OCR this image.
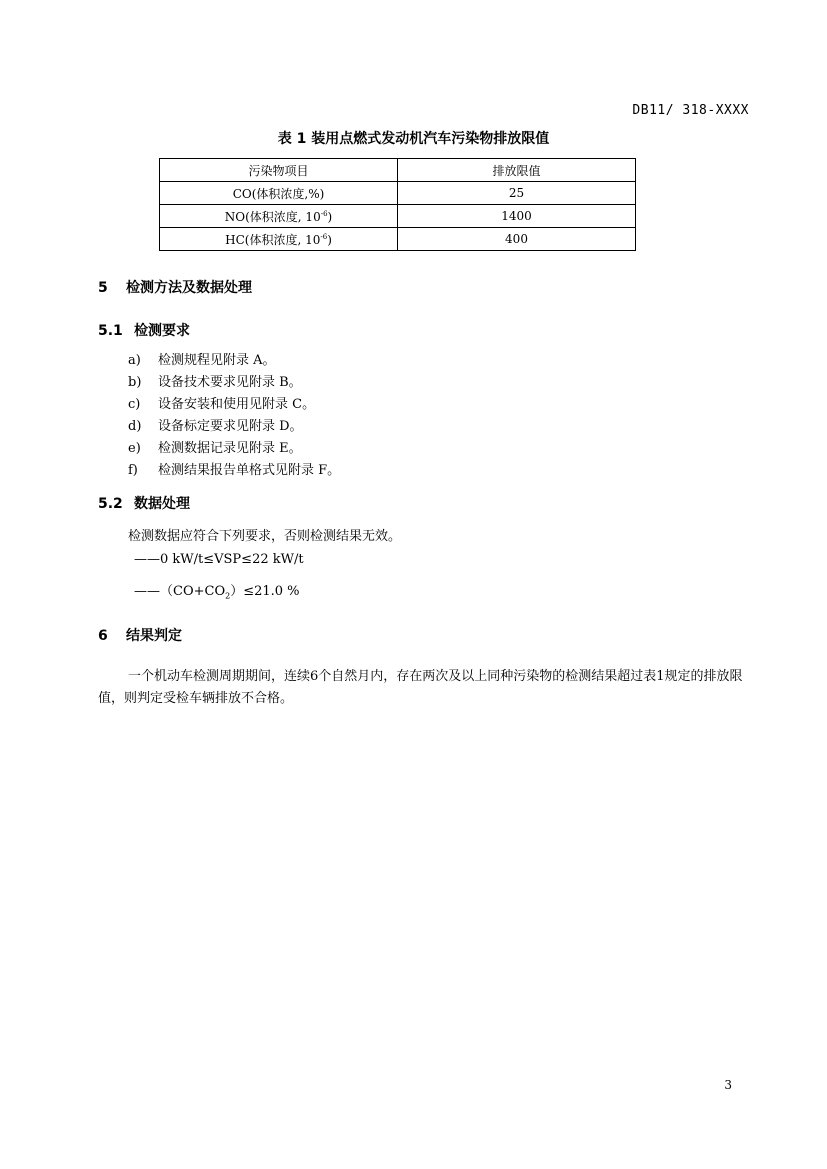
DB11/ 318-XXXX
表 1 装用点燃式发动机汽车污染物排放限值
污染物项目	排放限值
CO(体积浓度,%)	25
NO(体积浓度, $10^{-6}$)	1400
HC(体积浓度, $10^{-6}$)	400
5 检测方法及数据处理
5.1 检测要求
a) 检测规程见附录 A。
b) 设备技术要求见附录 B。
c) 设备安装和使用见附录 C。
d) 设备标定要求见附录 D。
e) 检测数据记录见附录 E。
f) 检测结果报告单格式见附录 F。
5.2 数据处理
检测数据应符合下列要求，否则检测结果无效。
——0 kW/t≤VSP≤22 kW/t
$——(CO+CO_2)\le 21.0$ %
6 结果判定

一个机动车检测周期期间，连续6个自然月内，存在两次及以上同种污染物的检测结果超过表1规定的排放限值，则判定受检车辆排放不合格。

3
